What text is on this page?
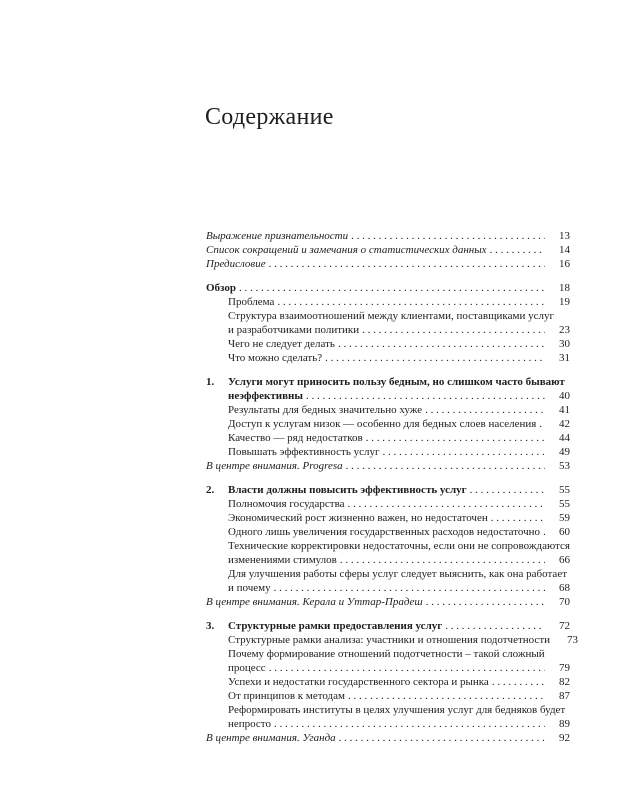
Содержание
Выражение признательности . . .	13
Список сокращений и замечания о статистических данных . . .	14
Предисловие . . .	16
Обзор . . .	18
Проблема . . .	19
Структура взаимоотношений между клиентами, поставщиками услуг
и разработчиками политики . . .	23
Чего не следует делать . . .	30
Что можно сделать? . . .	31
1.	Услуги могут приносить пользу бедным, но слишком часто бывают
неэффективны . . .	40
Результаты для бедных значительно хуже . . .	41
Доступ к услугам низок — особенно для бедных слоев населения . . .	42
Качество — ряд недостатков . . .	44
Повышать эффективность услуг . . .	49
В центре внимания. Progresa . . .	53
2.	Власти должны повысить эффективность услуг . . .	55
Полномочия государства . . .	55
Экономический рост жизненно важен, но недостаточен . . .	59
Одного лишь увеличения государственных расходов недостаточно . . .	60
Технические корректировки недостаточны, если они не сопровождаются
изменениями стимулов . . .	66
Для улучшения работы сферы услуг следует выяснить, как она работает
и почему . . .	68
В центре внимания. Керала и Уттар-Прадеш . . .	70
3.	Структурные рамки предоставления услуг . . .	72
Структурные рамки анализа: участники и отношения подотчетности . . .	73
Почему формирование отношений подотчетности – такой сложный
процесс . . .	79
Успехи и недостатки государственного сектора и рынка . . .	82
От принципов к методам . . .	87
Реформировать институты в целях улучшения услуг для бедняков будет
непросто . . .	89
В центре внимания. Уганда . . .	92
